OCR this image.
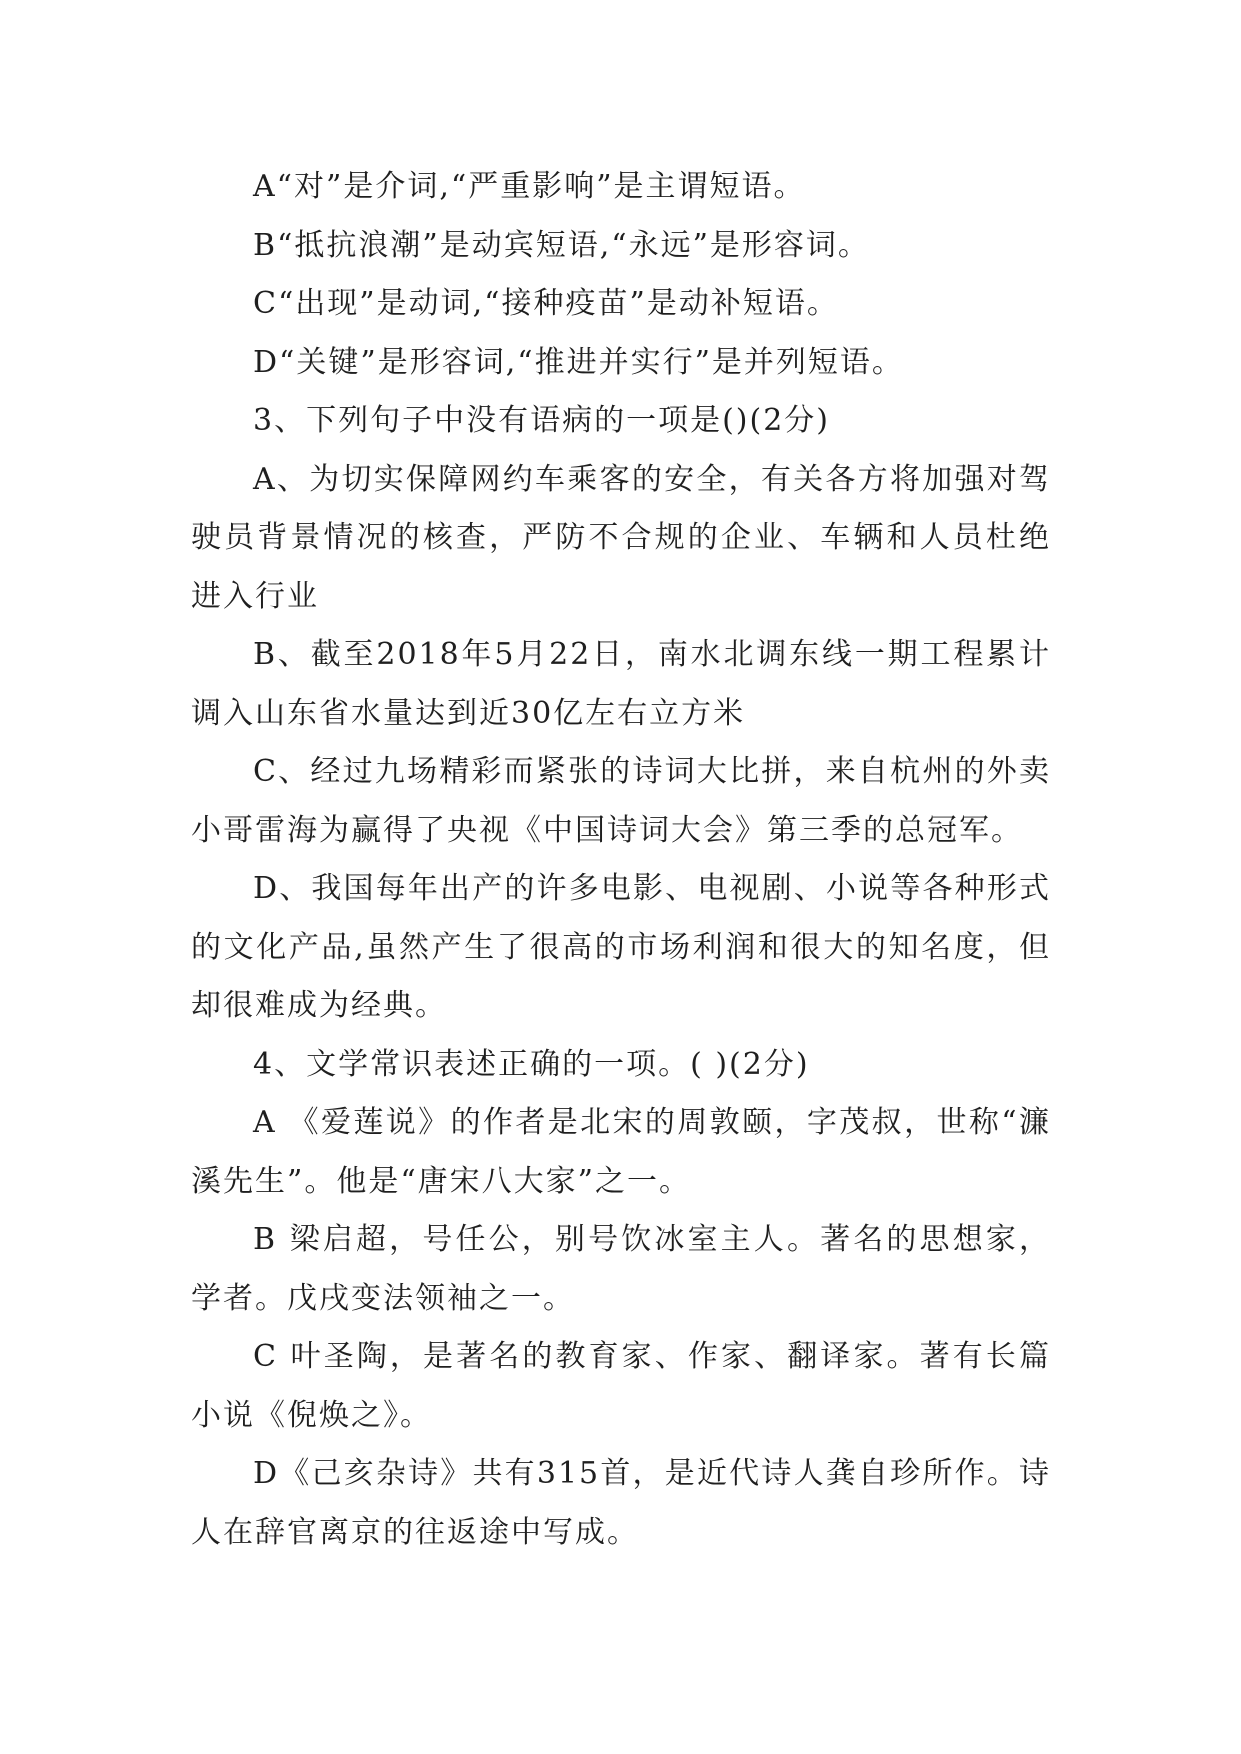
A“对”是介词,“严重影响”是主谓短语。

B“抵抗浪潮”是动宾短语,“永远”是形容词。

C“出现”是动词,“接种疫苗”是动补短语。

D“关键”是形容词,“推进并实行”是并列短语。

3、下列句子中没有语病的一项是()(2分)

A、为切实保障网约车乘客的安全，有关各方将加强对驾驶员背景情况的核查，严防不合规的企业、车辆和人员杜绝进入行业

B、截至2018年5月22日，南水北调东线一期工程累计调入山东省水量达到近30亿左右立方米

C、经过九场精彩而紧张的诗词大比拼，来自杭州的外卖小哥雷海为赢得了央视《中国诗词大会》第三季的总冠军。

D、我国每年出产的许多电影、电视剧、小说等各种形式的文化产品,虽然产生了很高的市场利润和很大的知名度，但却很难成为经典。

4、文学常识表述正确的一项。( )(2分)

A 《爱莲说》的作者是北宋的周敦颐，字茂叔，世称“濂溪先生”。他是“唐宋八大家”之一。

B 梁启超，号任公，别号饮冰室主人。著名的思想家，学者。戊戌变法领袖之一。

C 叶圣陶，是著名的教育家、作家、翻译家。著有长篇小说《倪焕之》。

D《己亥杂诗》共有315首，是近代诗人龚自珍所作。诗人在辞官离京的往返途中写成。
